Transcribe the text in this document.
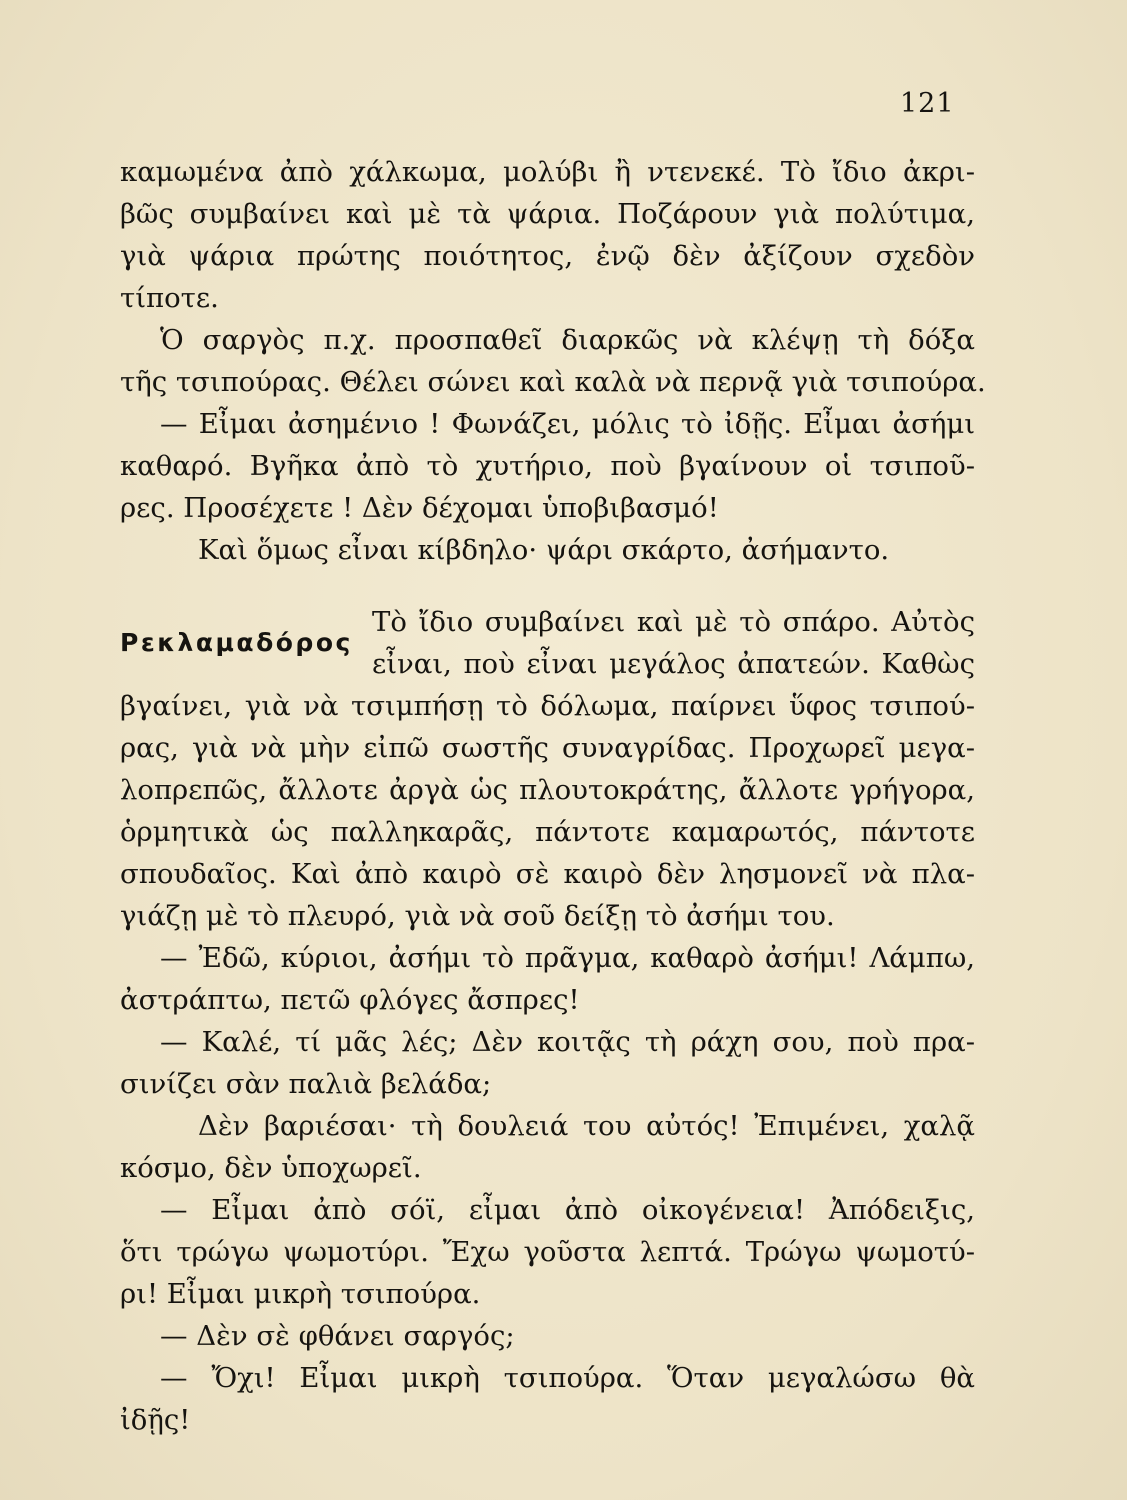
121
καμωμένα ἀπὸ χάλκωμα, μολύβι ἢ ντενεκέ. Τὸ ἴδιο ἀκρι-
βῶς συμβαίνει καὶ μὲ τὰ ψάρια. Ποζάρουν γιὰ πολύτιμα,
γιὰ ψάρια πρώτης ποιότητος, ἐνῷ δὲν ἀξίζουν σχεδὸν
τίποτε.
Ὁ σαργὸς π.χ. προσπαθεῖ διαρκῶς νὰ κλέψῃ τὴ δόξα
τῆς τσιπούρας. Θέλει σώνει καὶ καλὰ νὰ περνᾷ γιὰ τσιπούρα.
— Εἶμαι ἀσημένιο ! Φωνάζει, μόλις τὸ ἰδῇς. Εἶμαι ἀσήμι
καθαρό. Βγῆκα ἀπὸ τὸ χυτήριο, ποὺ βγαίνουν οἱ τσιποῦ-
ρες. Προσέχετε ! Δὲν δέχομαι ὑποβιβασμό!
Καὶ ὅμως εἶναι κίβδηλο· ψάρι σκάρτο, ἀσήμαντο.
Ρεκλαμαδόρος
Τὸ ἴδιο συμβαίνει καὶ μὲ τὸ σπάρο. Αὐτὸς
εἶναι, ποὺ εἶναι μεγάλος ἀπατεών. Καθὼς
βγαίνει, γιὰ νὰ τσιμπήσῃ τὸ δόλωμα, παίρνει ὕφος τσιπού-
ρας, γιὰ νὰ μὴν εἰπῶ σωστῆς συναγρίδας. Προχωρεῖ μεγα-
λοπρεπῶς, ἄλλοτε ἀργὰ ὡς πλουτοκράτης, ἄλλοτε γρήγορα,
ὁρμητικὰ ὡς παλληκαρᾶς, πάντοτε καμαρωτός, πάντοτε
σπουδαῖος. Καὶ ἀπὸ καιρὸ σὲ καιρὸ δὲν λησμονεῖ νὰ πλα-
γιάζῃ μὲ τὸ πλευρό, γιὰ νὰ σοῦ δείξῃ τὸ ἀσήμι του.
— Ἐδῶ, κύριοι, ἀσήμι τὸ πρᾶγμα, καθαρὸ ἀσήμι! Λάμπω,
ἀστράπτω, πετῶ φλόγες ἄσπρες!
— Καλέ, τί μᾶς λές; Δὲν κοιτᾷς τὴ ράχη σου, ποὺ πρα-
σινίζει σὰν παλιὰ βελάδα;
Δὲν βαριέσαι· τὴ δουλειά του αὐτός! Ἐπιμένει, χαλᾷ
κόσμο, δὲν ὑποχωρεῖ.
— Εἶμαι ἀπὸ σόϊ, εἶμαι ἀπὸ οἰκογένεια! Ἀπόδειξις,
ὅτι τρώγω ψωμοτύρι. Ἔχω γοῦστα λεπτά. Τρώγω ψωμοτύ-
ρι! Εἶμαι μικρὴ τσιπούρα.
— Δὲν σὲ φθάνει σαργός;
— Ὄχι! Εἶμαι μικρὴ τσιπούρα. Ὅταν μεγαλώσω θὰ
ἰδῇς!
